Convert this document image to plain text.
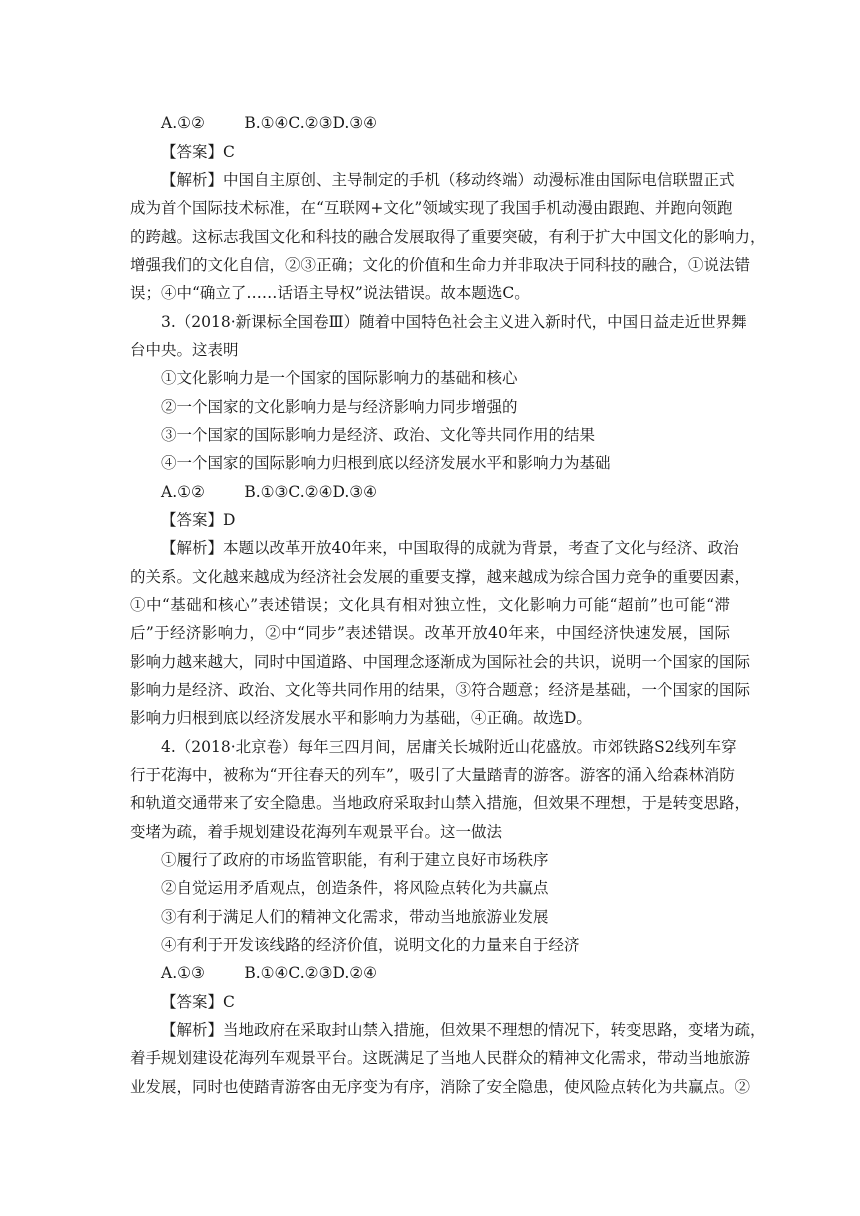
A.①②        B.①④C.②③D.③④
【答案】C
【解析】中国自主原创、主导制定的手机（移动终端）动漫标准由国际电信联盟正式
成为首个国际技术标准，在“互联网+文化”领域实现了我国手机动漫由跟跑、并跑向领跑
的跨越。这标志我国文化和科技的融合发展取得了重要突破，有利于扩大中国文化的影响力，
增强我们的文化自信，②③正确；文化的价值和生命力并非取决于同科技的融合，①说法错
误；④中“确立了……话语主导权”说法错误。故本题选C。
3.（2018·新课标全国卷Ⅲ）随着中国特色社会主义进入新时代，中国日益走近世界舞
台中央。这表明
①文化影响力是一个国家的国际影响力的基础和核心
②一个国家的文化影响力是与经济影响力同步增强的
③一个国家的国际影响力是经济、政治、文化等共同作用的结果
④一个国家的国际影响力归根到底以经济发展水平和影响力为基础
A.①②        B.①③C.②④D.③④
【答案】D
【解析】本题以改革开放40年来，中国取得的成就为背景，考查了文化与经济、政治
的关系。文化越来越成为经济社会发展的重要支撑，越来越成为综合国力竞争的重要因素，
①中“基础和核心”表述错误；文化具有相对独立性，文化影响力可能“超前”也可能“滞
后”于经济影响力，②中“同步”表述错误。改革开放40年来，中国经济快速发展，国际
影响力越来越大，同时中国道路、中国理念逐渐成为国际社会的共识，说明一个国家的国际
影响力是经济、政治、文化等共同作用的结果，③符合题意；经济是基础，一个国家的国际
影响力归根到底以经济发展水平和影响力为基础，④正确。故选D。
4.（2018·北京卷）每年三四月间，居庸关长城附近山花盛放。市郊铁路S2线列车穿
行于花海中，被称为“开往春天的列车”，吸引了大量踏青的游客。游客的涌入给森林消防
和轨道交通带来了安全隐患。当地政府采取封山禁入措施，但效果不理想，于是转变思路，
变堵为疏，着手规划建设花海列车观景平台。这一做法
①履行了政府的市场监管职能，有利于建立良好市场秩序
②自觉运用矛盾观点，创造条件，将风险点转化为共赢点
③有利于满足人们的精神文化需求，带动当地旅游业发展
④有利于开发该线路的经济价值，说明文化的力量来自于经济
A.①③        B.①④C.②③D.②④
【答案】C
【解析】当地政府在采取封山禁入措施，但效果不理想的情况下，转变思路，变堵为疏，
着手规划建设花海列车观景平台。这既满足了当地人民群众的精神文化需求，带动当地旅游
业发展，同时也使踏青游客由无序变为有序，消除了安全隐患，使风险点转化为共赢点。②
